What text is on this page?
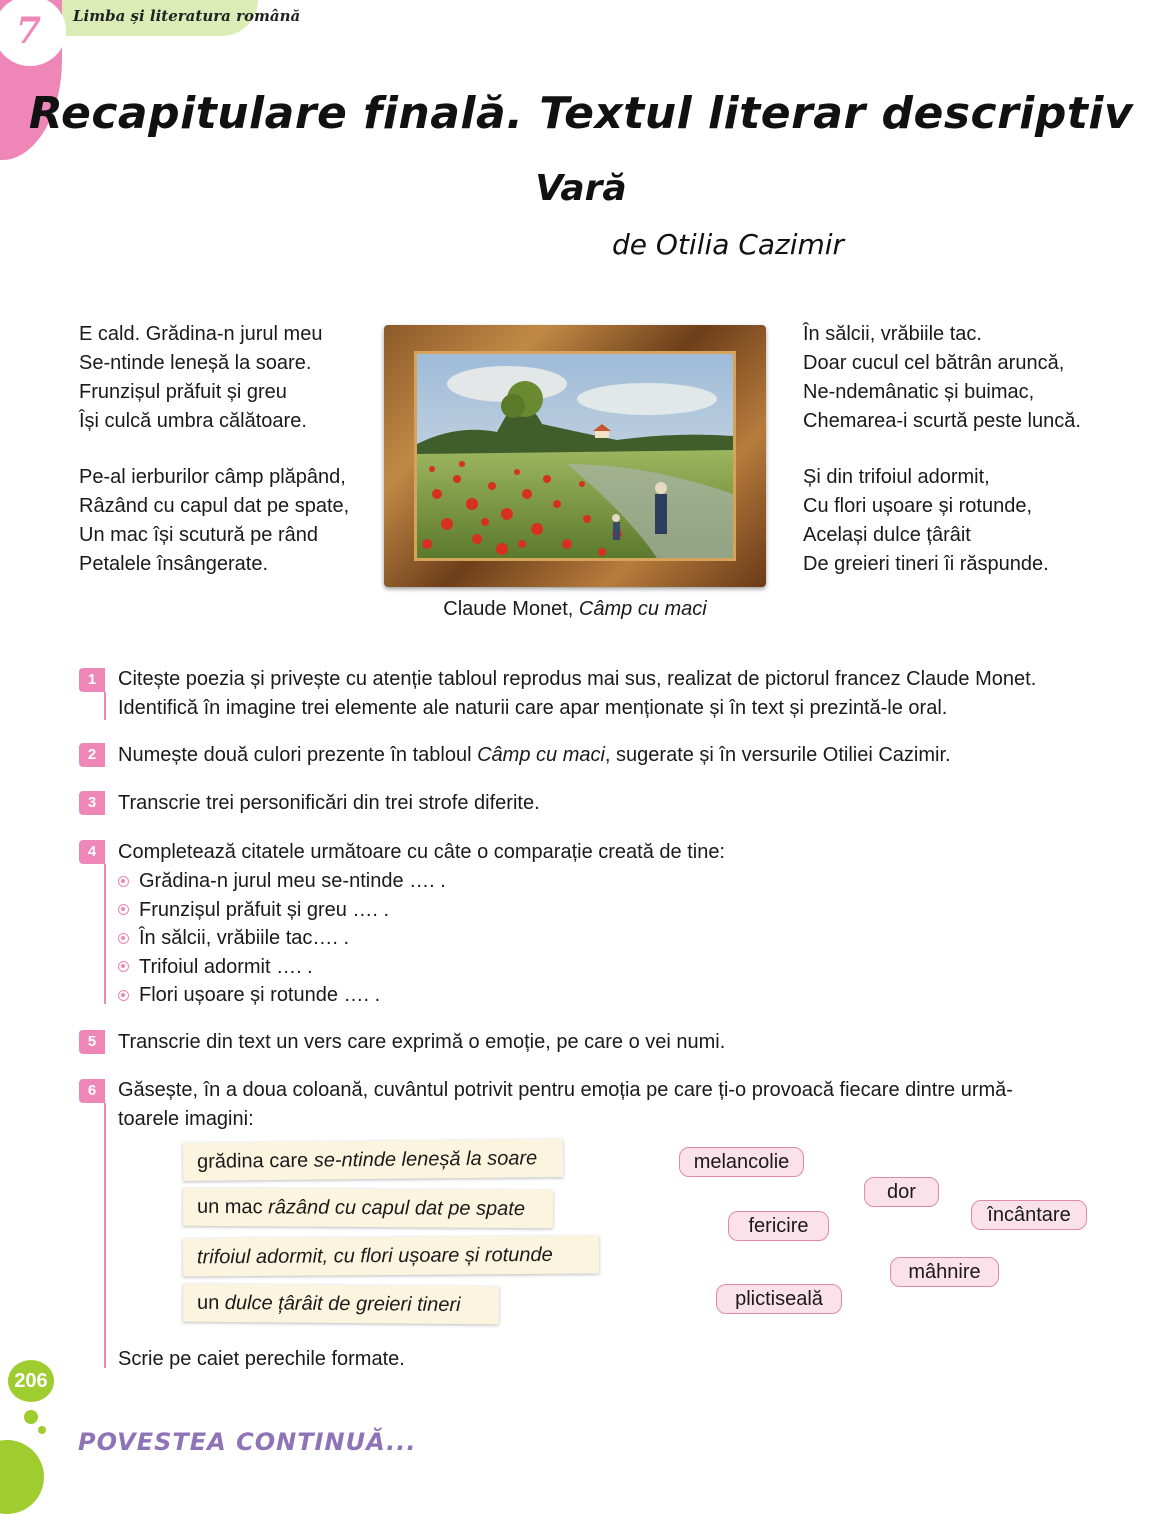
7 Limba și literatura română
Recapitulare finală. Textul literar descriptiv
Vară
de Otilia Cazimir
E cald. Grădina-n jurul meu
Se-ntinde leneșă la soare.
Frunzișul prăfuit și greu
Își culcă umbra călătoare.
Pe-al ierburilor câmp plăpând,
Râzând cu capul dat pe spate,
Un mac își scutură pe rând
Petalele însângerate.
În sălcii, vrăbiile tac.
Doar cucul cel bătrân aruncă,
Ne-ndemânatic și buimac,
Chemarea-i scurtă peste luncă.
Și din trifoiul adormit,
Cu flori ușoare și rotunde,
Același dulce țârâit
De greieri tineri îi răspunde.
Claude Monet, Câmp cu maci
1	Citește poezia și privește cu atenție tabloul reprodus mai sus, realizat de pictorul francez Claude Monet.
Identifică în imagine trei elemente ale naturii care apar menționate și în text și prezintă-le oral.
2	Numește două culori prezente în tabloul Câmp cu maci, sugerate și în versurile Otiliei Cazimir.
3	Transcrie trei personificări din trei strofe diferite.
4	Completează citatele următoare cu câte o comparație creată de tine:
Grădina-n jurul meu se-ntinde …. .
Frunzișul prăfuit și greu …. .
În sălcii, vrăbiile tac…. .
Trifoiul adormit …. .
Flori ușoare și rotunde …. .
5	Transcrie din text un vers care exprimă o emoție, pe care o vei numi.
6	Găsește, în a doua coloană, cuvântul potrivit pentru emoția pe care ți-o provoacă fiecare dintre urmă-
toarele imagini:
grădina care se-ntinde leneșă la soare
un mac râzând cu capul dat pe spate
trifoiul adormit, cu flori ușoare și rotunde
un dulce țârâit de greieri tineri
melancolie
dor
încântare
fericire
mâhnire
plictiseală
Scrie pe caiet perechile formate.
206
POVESTEA CONTINUĂ...
